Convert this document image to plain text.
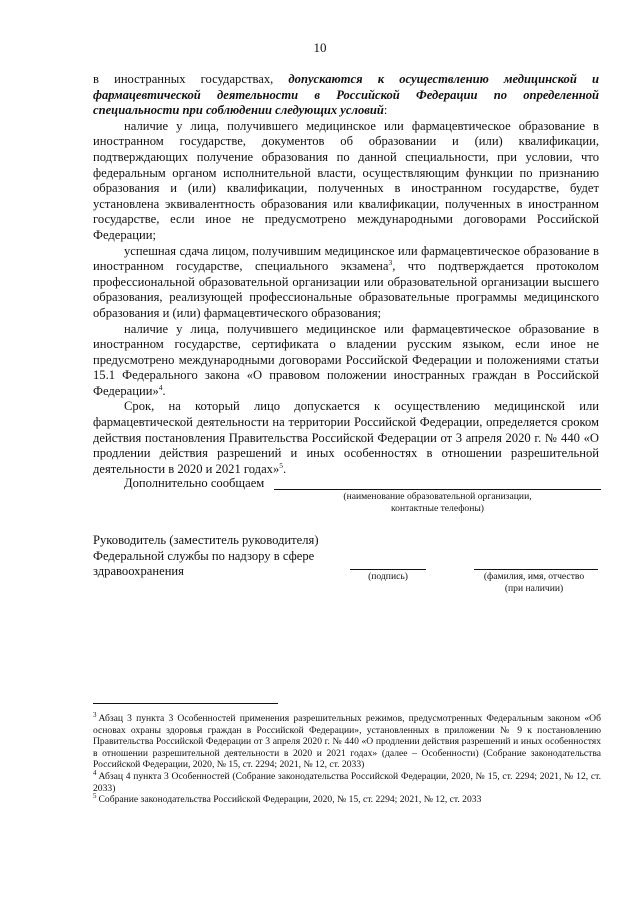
10

в иностранных государствах, допускаются к осуществлению медицинской и фармацевтической деятельности в Российской Федерации по определенной специальности при соблюдении следующих условий:

наличие у лица, получившего медицинское или фармацевтическое образование в иностранном государстве, документов об образовании и (или) квалификации, подтверждающих получение образования по данной специальности, при условии, что федеральным органом исполнительной власти, осуществляющим функции по признанию образования и (или) квалификации, полученных в иностранном государстве, будет установлена эквивалентность образования или квалификации, полученных в иностранном государстве, если иное не предусмотрено международными договорами Российской Федерации;

успешная сдача лицом, получившим медицинское или фармацевтическое образование в иностранном государстве, специального экзамена$^3$, что подтверждается протоколом профессиональной образовательной организации или образовательной организации высшего образования, реализующей профессиональные образовательные программы медицинского образования и (или) фармацевтического образования;

наличие у лица, получившего медицинское или фармацевтическое образование в иностранном государстве, сертификата о владении русским языком, если иное не предусмотрено международными договорами Российской Федерации и положениями статьи 15.1 Федерального закона «О правовом положении иностранных граждан в Российской Федерации»$^4$.

Срок, на который лицо допускается к осуществлению медицинской или фармацевтической деятельности на территории Российской Федерации, определяется сроком действия постановления Правительства Российской Федерации от 3 апреля 2020 г. № 440 «О продлении действия разрешений и иных особенностях в отношении разрешительной деятельности в 2020 и 2021 годах»$^5$.

Дополнительно сообщаем
(наименование образовательной организации,
контактные телефоны)
Руководитель (заместитель руководителя)
Федеральной службы по надзору в сфере
здравоохранения	(подпись)	(фамилия, имя, отчество
(при наличии)

$^3$ Абзац 3 пункта 3 Особенностей применения разрешительных режимов, предусмотренных Федеральным законом «Об основах охраны здоровья граждан в Российской Федерации», установленных в приложении № 9 к постановлению Правительства Российской Федерации от 3 апреля 2020 г. № 440 «О продлении действия разрешений и иных особенностях в отношении разрешительной деятельности в 2020 и 2021 годах» (далее – Особенности) (Собрание законодательства Российской Федерации, 2020, № 15, ст. 2294; 2021, № 12, ст. 2033)

$^4$ Абзац 4 пункта 3 Особенностей (Собрание законодательства Российской Федерации, 2020, № 15, ст. 2294; 2021, № 12, ст. 2033)

$^5$ Собрание законодательства Российской Федерации, 2020, № 15, ст. 2294; 2021, № 12, ст. 2033
